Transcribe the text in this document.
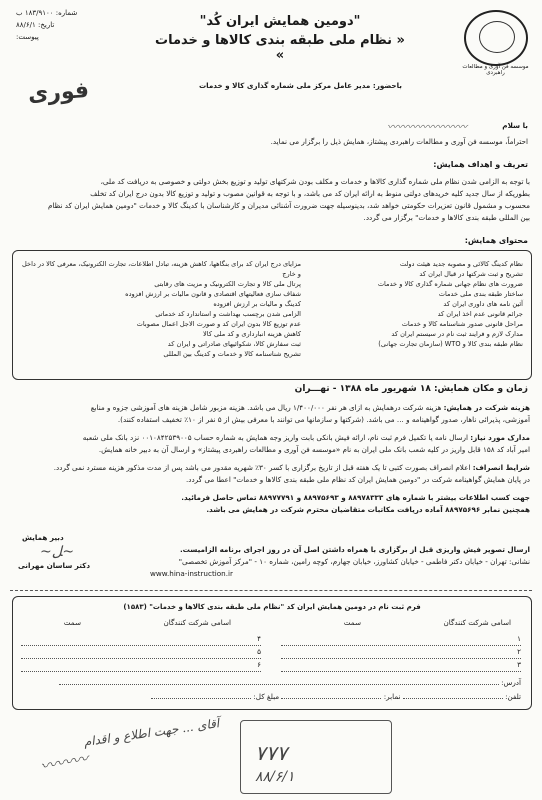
موسسه فن آوری و مطالعات راهبردی
شماره: ۱۸۳/۹۱۰۰ ب
تاریخ: ۸۸/۶/۱
پیوست:
"دومین همایش ایران کُد"
« نظام ملی طبقه بندی کالاها و خدمات »
فوری	باحضور: مدیر عامل مرکز ملی شماره گذاری کالا و خدمات
با سلام
〰〰〰〰〰〰〰〰
احتراماً، موسسه فن آوری و مطالعات راهبردی پیشتاز، همایش ذیل را برگزار می نماید.
تعریف و اهداف همایش:
با توجه به الزامی شدن نظام ملی شماره گذاری کالاها و خدمات و مکلف بودن شرکتهای تولید و توزیع بخش دولتی و خصوصی به دریافت کد ملی،
بطوریکه از سال جدید کلیه خریدهای دولتی منوط به ارائه ایران کد می باشد، و با توجه به قوانین مصوب و تولید و توزیع کالا بدون درج ایران کد تخلف
محسوب و مشمول قانون تعزیرات حکومتی خواهد شد، بدینوسیله جهت ضرورت آشنائی مدیران و کارشناسان با کدینگ کالا و خدمات "دومین همایش ایران کد نظام
بین المللی طبقه بندی کالاها و خدمات" برگزار می گردد.
محتوای همایش:
نظام کدینگ کالائی و مصوبه جدید هیئت دولت
تشریح و ثبت شرکتها در قبال ایران کد
ضرورت های نظام جهانی شماره گذاری کالا و خدمات
ساختار طبقه بندی ملی خدمات
آئین نامه های داوری ایران کد
جرائم قانونی عدم اخذ ایران کد
مراحل قانونی صدور شناسنامه کالا و خدمات
مدارک لازم و فرایند ثبت نام در سیستم ایران کد
نظام طبقه بندی کالا و WTO (سازمان تجارت جهانی)
مزایای درج ایران کد برای بنگاهها، کاهش هزینه، تبادل اطلاعات، تجارت الکترونیک، معرفی کالا در داخل و خارج
پرتال ملی کالا و تجارت الکترونیک و مزیت های رقابتی
شفاف سازی فعالیتهای اقتصادی و قانون مالیات بر ارزش افزوده
کدینگ و مالیات بر ارزش افزوده
الزامی شدن برچسب بهداشت و استاندارد کد خدماتی
عدم توزیع کالا بدون ایران کد و صورت الاجل اعمال مصوبات
کاهش هزینه انبارداری و کد ملی کالا
ثبت سفارش کالا، شکوائیهای صادراتی و ایران کد
تشریح شناسنامه کالا و خدمات و کدینگ بین المللی
زمان و مکان همایش: ۱۸ شهریور ماه ۱۳۸۸ - تهـــران
هزینه شرکت در همایش: هزینه شرکت درهمایش به ازای هر نفر ۱/۴۰۰/۰۰۰ ریال می باشد. هزینه مزبور شامل هزینه های آموزشی جزوه و منابع
آموزشی، پذیرائی ناهار، صدور گواهینامه و ... می باشد. (شرکتها و سازمانها می توانند با معرفی بیش از ۵ نفر از ۱۰٪ تخفیف استفاده کنند).
مدارک مورد نیاز: ارسال نامه یا تکمیل فرم ثبت نام، ارائه فیش بانکی بابت واریز وجه همایش به شماره حساب ۰۰۱۰۸۴۲۵۳۹۰۰۵ نزد بانک ملی شعبه
امیر آباد کد ۱۵۸ قابل واریز در کلیه شعب بانک ملی ایران به نام «موسسه فن آوری و مطالعات راهبردی پیشتاز» و ارسال آن به دبیر خانه همایش.
شرایط انصراف: اعلام انصراف بصورت کتبی تا یک هفته قبل از تاریخ برگزاری با کسر ۳۰٪ شهریه مقدور می باشد پس از مدت مذکور هزینه مسترد نمی گردد.
در پایان همایش گواهینامه شرکت در "دومین همایش ایران کد نظام ملی طبقه بندی کالاها و خدمات" اعطا می گردد.
جهت کسب اطلاعات بیشتر با شماره های ۸۸۹۷۸۳۳۳ و ۸۸۹۷۵۶۹۳ و ۸۸۹۷۷۷۹۱ تماس حاصل فرمائید.
همچنین نمابر ۸۸۹۷۵۶۹۶ آماده دریافت مکاتبات متقاضیان محترم شرکت در همایش می باشد.
دبیر همایش
~ﻞ~
دکتر ساسان مهرانی
ارسال تصویر فیش واریزی قبل از برگزاری با همراه داشتن اصل آن در روز اجرای برنامه الزامیست.
نشانی: تهران - خیابان دکتر فاطمی - خیابان کشاورز، خیابان جهارم، کوچه رامین، شماره ۱۰ - "مرکز آموزش تخصصی"
www.hina-instruction.ir
فرم ثبت نام در دومین همایش ایران کد "نظام ملی طبقه بندی کالاها و خدمات" (۱۵۸۳)
اسامی شرکت کنندگان
سمت
اسامی شرکت کنندگان
سمت
۱
۲
۳
۴
۵
۶
آدرس:
تلفن:  نمابر:  مبلغ کل:
۷۷۷
۸۸/۶/۱
آقای ... جهت اطلاع و اقدام
〰〰〰
